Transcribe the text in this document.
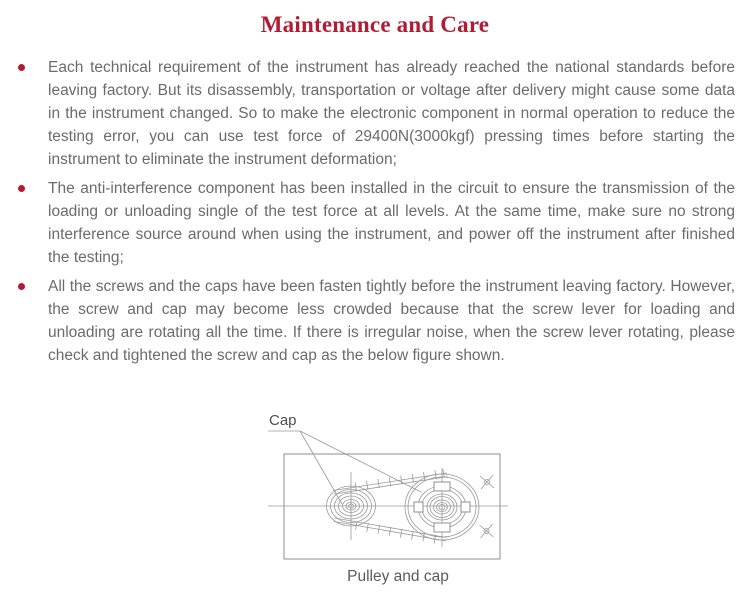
Maintenance and Care

Each technical requirement of the instrument has already reached the national standards before leaving factory. But its disassembly, transportation or voltage after delivery might cause some data in the instrument changed. So to make the electronic component in normal operation to reduce the testing error, you can use test force of 29400N(3000kgf) pressing times before starting the instrument to eliminate the instrument deformation;

The anti-interference component has been installed in the circuit to ensure the transmission of the loading or unloading single of the test force at all levels. At the same time, make sure no strong interference source around when using the instrument, and power off the instrument after finished the testing;

All the screws and the caps have been fasten tightly before the instrument leaving factory. However, the screw and cap may become less crowded because that the screw lever for loading and unloading are rotating all the time. If there is irregular noise, when the screw lever rotating, please check and tightened the screw and cap as the below figure shown.

Cap
Pulley and cap
